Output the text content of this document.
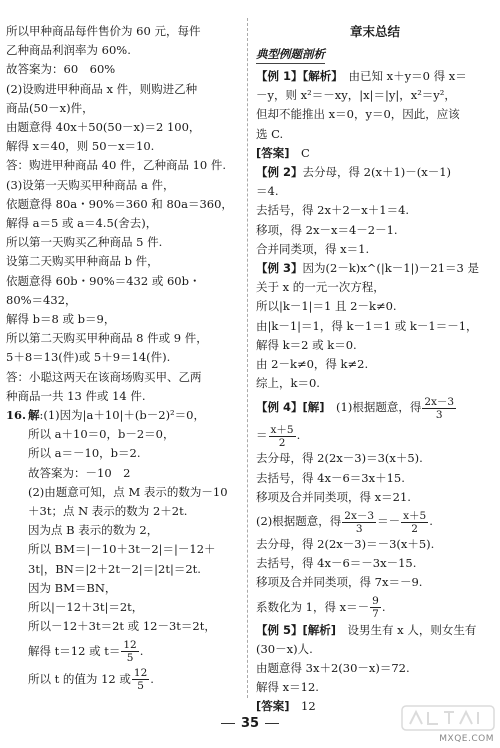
所以甲种商品每件售价为 60 元，每件
乙种商品利润率为 60%.
故答案为：60　60%
(2)设购进甲种商品 x 件，则购进乙种
商品(50－x)件，
由题意得 40x＋50(50－x)＝2 100，
解得 x＝40，则 50－x＝10.
答：购进甲种商品 40 件，乙种商品 10 件.
(3)设第一天购买甲种商品 a 件，
依题意得 80a・90%＝360 和 80a＝360，
解得 a＝5 或 a＝4.5(舍去)，
所以第一天购买乙种商品 5 件.
设第二天购买甲种商品 b 件，
依题意得 60b・90%＝432 或 60b・
80%＝432，
解得 b＝8 或 b＝9，
所以第二天购买甲种商品 8 件或 9 件，
5＋8＝13(件)或 5＋9＝14(件).
答：小聪这两天在该商场购买甲、乙两
种商品一共 13 件或 14 件.
16. 解:(1)因为|a＋10|＋(b－2)²＝0，
所以 a＋10＝0，b－2＝0，
所以 a＝－10，b＝2.
故答案为：－10　2
(2)由题意可知，点 M 表示的数为－10
＋3t；点 N 表示的数为 2＋2t.
因为点 B 表示的数为 2，
所以 BM＝|－10＋3t－2|＝|－12＋
3t|，BN＝|2＋2t－2|＝|2t|＝2t.
因为 BM＝BN，
所以|－12＋3t|＝2t，
所以－12＋3t＝2t 或 12－3t＝2t，
解得 t＝12 或 $t= \frac{12}{5}$ .
所以 t 的值为 12 或 $\frac{12}{5}$ .
章末总结
典型例题剖析
【例 1】【解析】　 由已知 x＋y＝0 得 x＝
－y，则 x²＝－xy，|x|＝|y|，x²＝y²，
但却不能推出 x＝0，y＝0，因此，应该
选 C.
[答案]　 C
【例 2】去分母，得 2(x＋1)－(x－1)
＝4.
去括号，得 2x＋2－x＋1＝4.
移项，得 2x－x＝4－2－1.
合并同类项，得 x＝1.
【例 3】因为(2－k)x^(|k－1|)－21＝3 是
关于 x 的一元一次方程，
所以|k－1|＝1 且 2－k≠0.
由|k－1|＝1，得 k－1＝1 或 k－1＝－1，
解得 k＝2 或 k＝0.
由 2－k≠0，得 k≠2.
综上，k＝0.
【例 4】[解]　 (1)根据题意，得 $\frac{2x-3}{3}$
＝ $\frac{x+5}{2}$ .
去分母，得 2(2x－3)＝3(x＋5).
去括号，得 4x－6＝3x＋15.
移项及合并同类项，得 x＝21.
(2)根据题意，得 $\frac{2x-3}{3} =- \frac{x+5}{2}$ .
去分母，得 2(2x－3)＝－3(x＋5).
去括号，得 4x－6＝－3x－15.
移项及合并同类项，得 7x＝－9.
系数化为 1，得 $x=- \frac{9}{7}$ .
【例 5】[解析]　 设男生有 x 人，则女生有
(30－x)人.
由题意得 3x＋2(30－x)＝72.
解得 x＝12.
[答案]　 12
35
MXQE.COM
